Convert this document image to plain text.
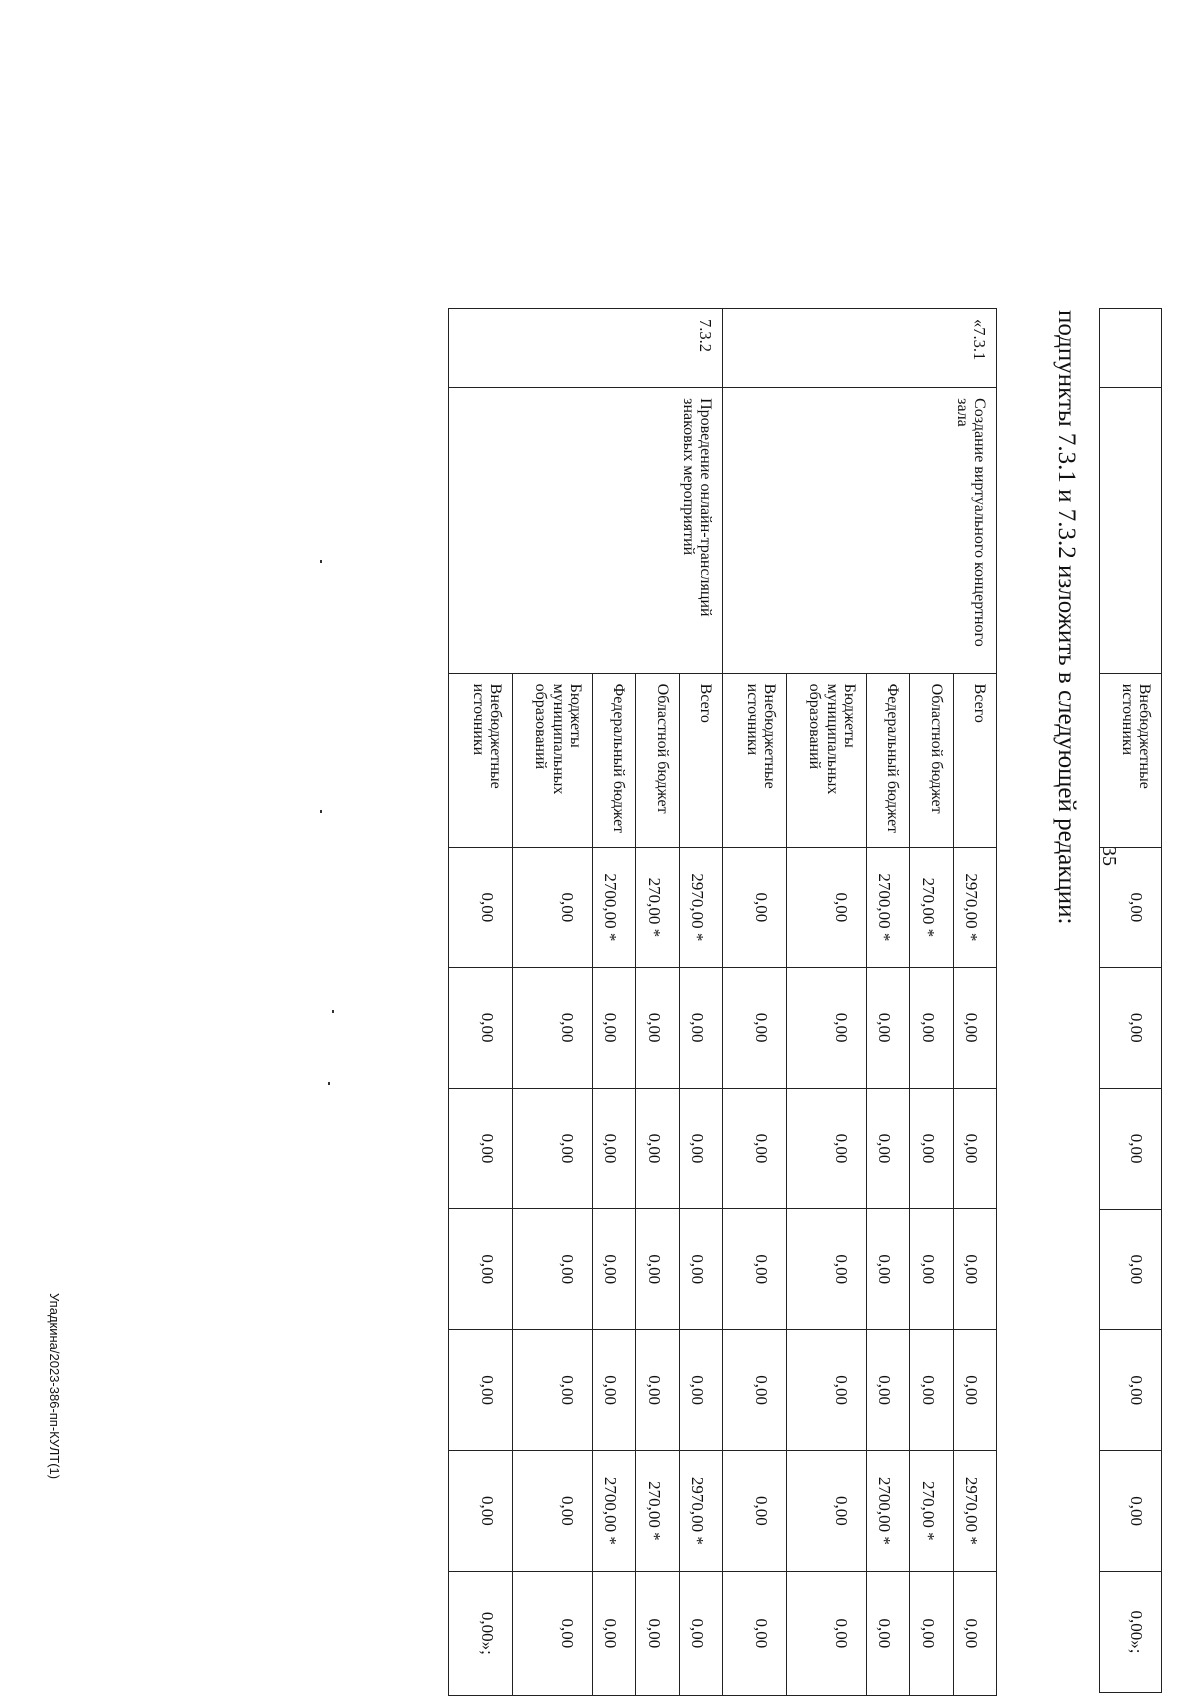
35
		Внебюджетные источники	0,00	0,00	0,00	0,00	0,00	0,00	0,00»;
подпункты 7.3.1 и 7.3.2 изложить в следующей редакции:
«7.3.1	Создание виртуального концертного зала	Всего	2970,00 *	0,00	0,00	0,00	0,00	2970,00 *	0,00
		Областной бюджет	270,00 *	0,00	0,00	0,00	0,00	270,00 *	0,00
		Федеральный бюджет	2700,00 *	0,00	0,00	0,00	0,00	2700,00 *	0,00
		Бюджеты муниципальных образований	0,00	0,00	0,00	0,00	0,00	0,00	0,00
		Внебюджетные источники	0,00	0,00	0,00	0,00	0,00	0,00	0,00
7.3.2	Проведение онлайн-трансляций знаковых мероприятий	Всего	2970,00 *	0,00	0,00	0,00	0,00	2970,00 *	0,00
		Областной бюджет	270,00 *	0,00	0,00	0,00	0,00	270,00 *	0,00
		Федеральный бюджет	2700,00 *	0,00	0,00	0,00	0,00	2700,00 *	0,00
		Бюджеты муниципальных образований	0,00	0,00	0,00	0,00	0,00	0,00	0,00
		Внебюджетные источники	0,00	0,00	0,00	0,00	0,00	0,00	0,00»;
Упадкина/2023-386-пп-КУЛТ(1)
